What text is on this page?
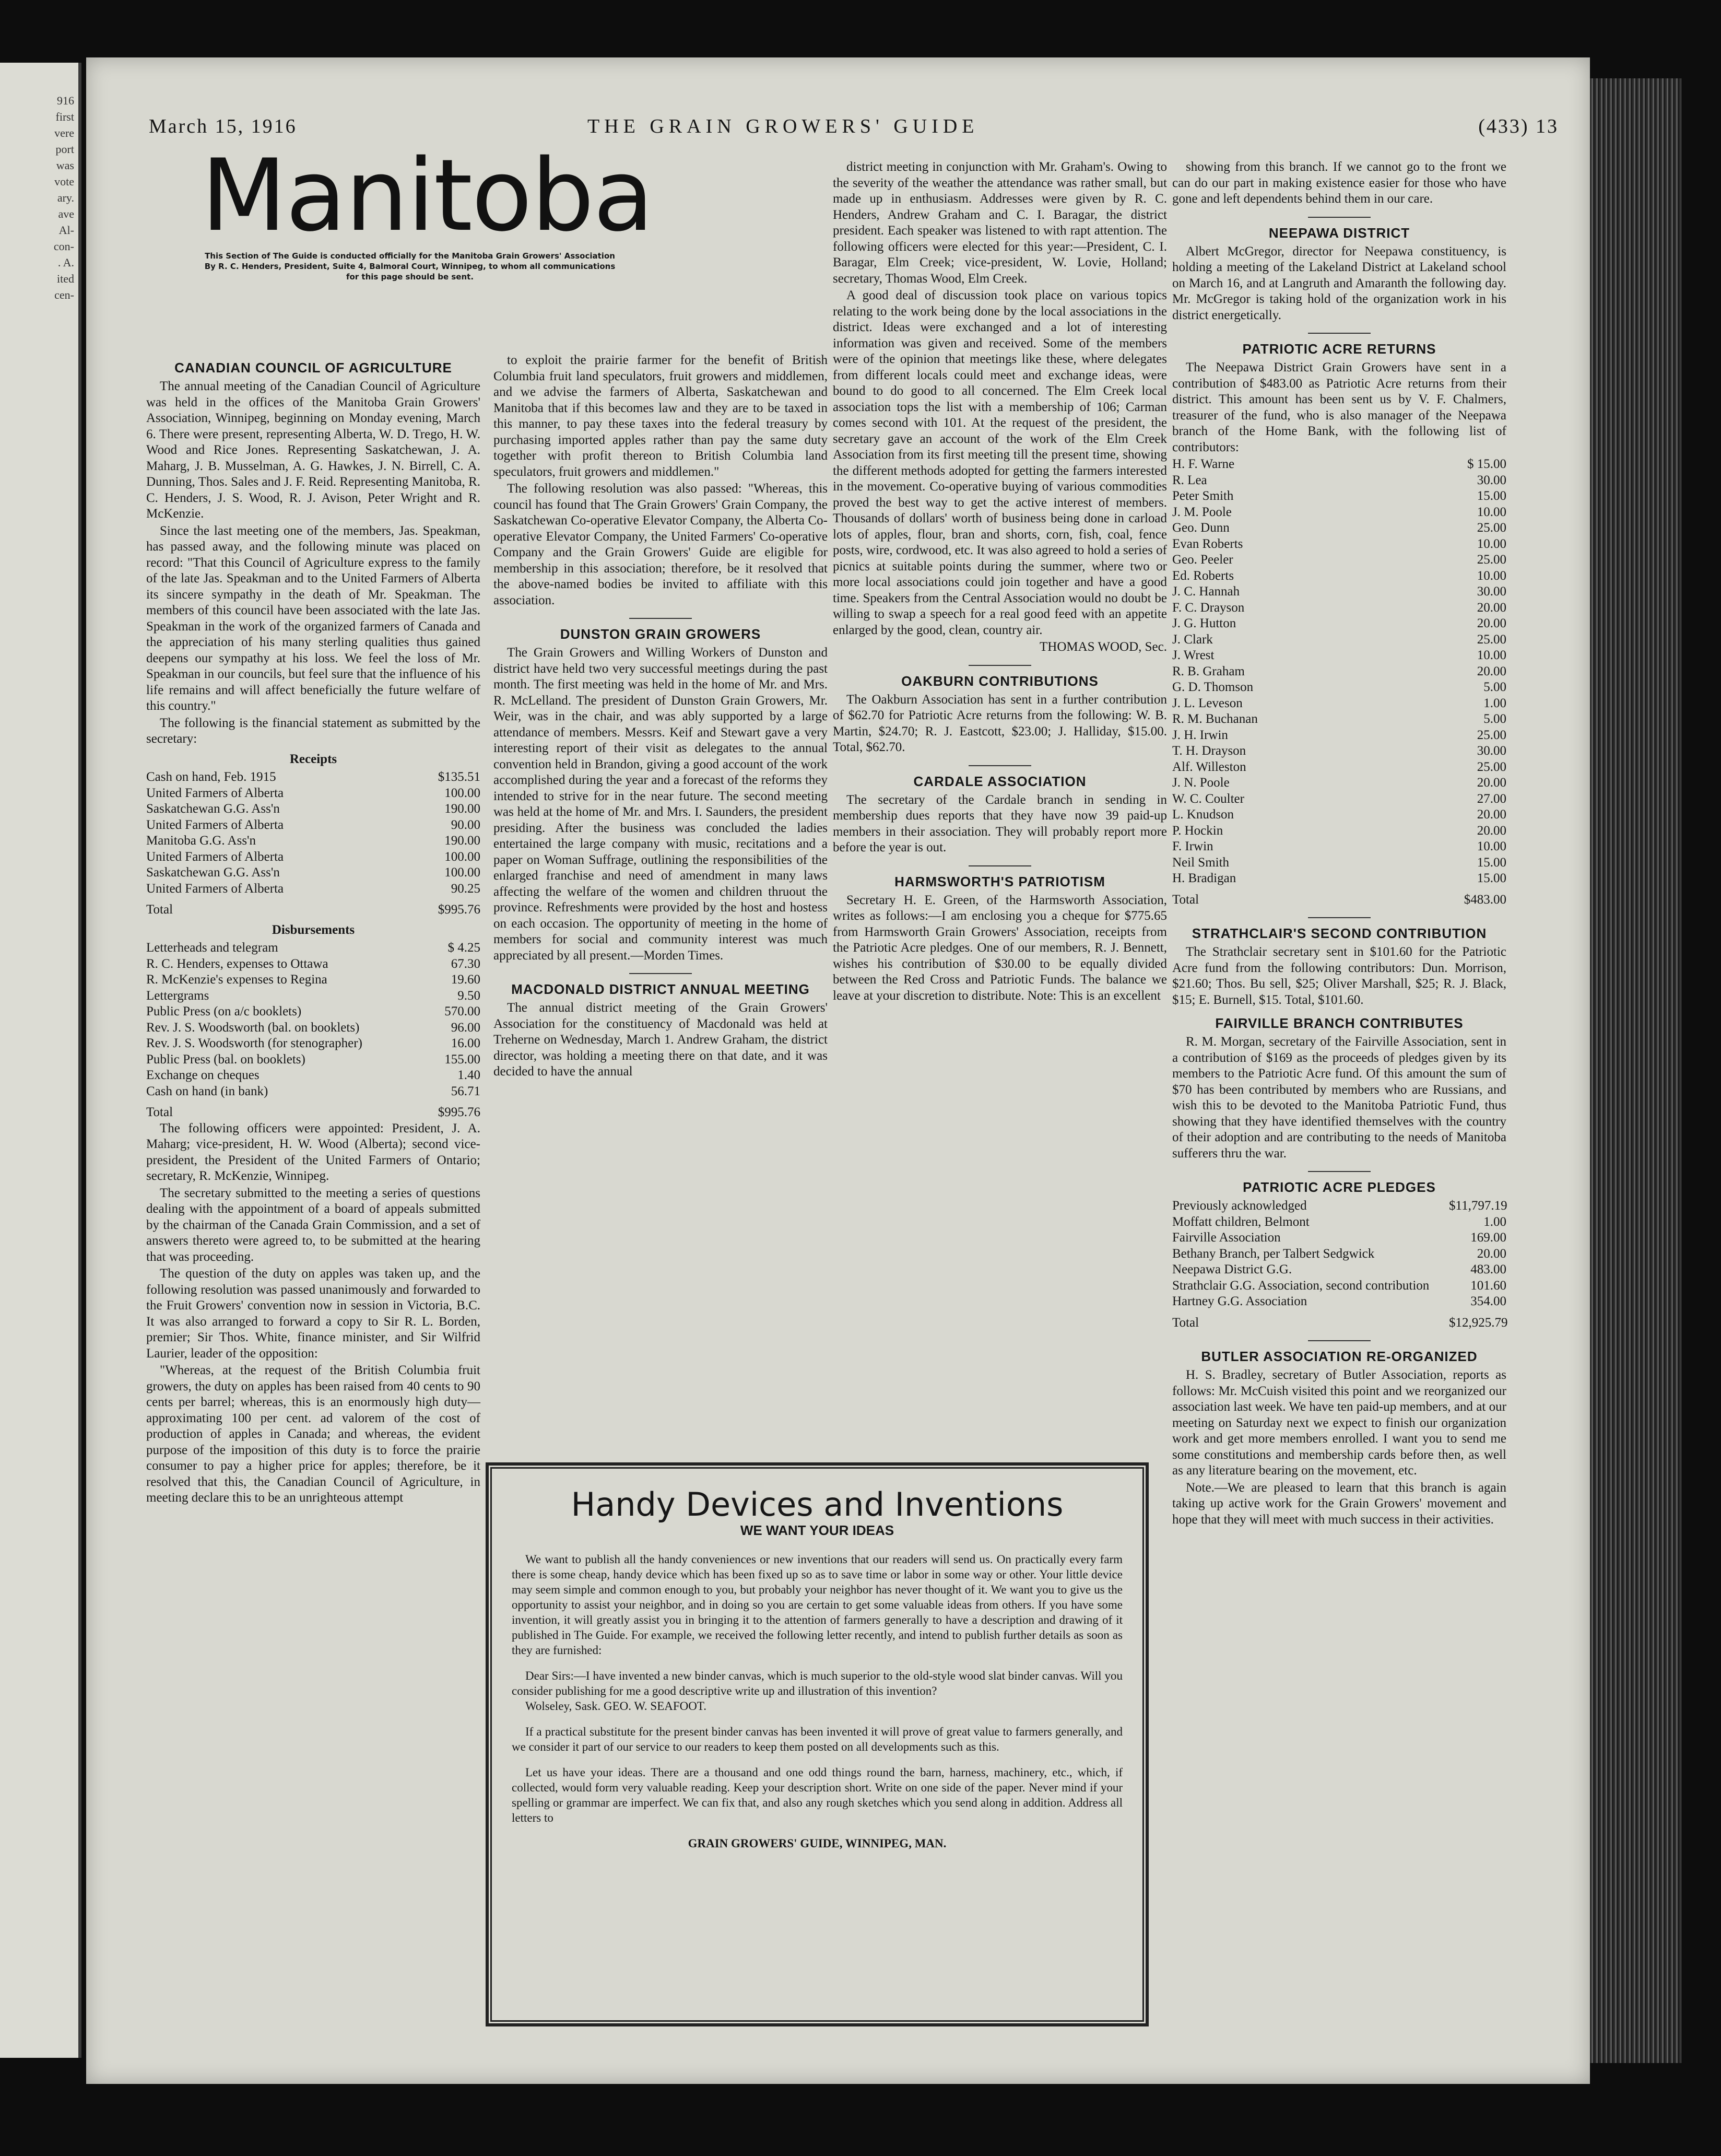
916
first
vere
port
was
vote
ary.
ave
Al-
con-
. A.
ited
cen-
March 15, 1916	THE GRAIN GROWERS' GUIDE	(433) 13
Manitoba
This Section of The Guide is conducted officially for the Manitoba Grain Growers' Association By R. C. Henders, President, Suite 4, Balmoral Court, Winnipeg, to whom all communications for this page should be sent.
CANADIAN COUNCIL OF AGRICULTURE

The annual meeting of the Canadian Council of Agriculture was held in the offices of the Manitoba Grain Growers' Association, Winnipeg, beginning on Monday evening, March 6. There were present, representing Alberta, W. D. Trego, H. W. Wood and Rice Jones. Representing Saskatchewan, J. A. Maharg, J. B. Musselman, A. G. Hawkes, J. N. Birrell, C. A. Dunning, Thos. Sales and J. F. Reid. Representing Manitoba, R. C. Henders, J. S. Wood, R. J. Avison, Peter Wright and R. McKenzie.

Since the last meeting one of the members, Jas. Speakman, has passed away, and the following minute was placed on record: "That this Council of Agriculture express to the family of the late Jas. Speakman and to the United Farmers of Alberta its sincere sympathy in the death of Mr. Speakman. The members of this council have been associated with the late Jas. Speakman in the work of the organized farmers of Canada and the appreciation of his many sterling qualities thus gained deepens our sympathy at his loss. We feel the loss of Mr. Speakman in our councils, but feel sure that the influence of his life remains and will affect beneficially the future welfare of this country."

The following is the financial statement as submitted by the secretary:

Receipts
Cash on hand, Feb. 1915	$135.51
United Farmers of Alberta	100.00
Saskatchewan G.G. Ass'n	190.00
United Farmers of Alberta	90.00
Manitoba G.G. Ass'n	190.00
United Farmers of Alberta	100.00
Saskatchewan G.G. Ass'n	100.00
United Farmers of Alberta	90.25
Total	$995.76
Disbursements
Letterheads and telegram	$ 4.25
R. C. Henders, expenses to Ottawa	67.30
R. McKenzie's expenses to Regina	19.60
Lettergrams	9.50
Public Press (on a/c booklets)	570.00
Rev. J. S. Woodsworth (bal. on booklets)	96.00
Rev. J. S. Woodsworth (for stenographer)	16.00
Public Press (bal. on booklets)	155.00
Exchange on cheques	1.40
Cash on hand (in bank)	56.71
Total	$995.76

The following officers were appointed: President, J. A. Maharg; vice-president, H. W. Wood (Alberta); second vice-president, the President of the United Farmers of Ontario; secretary, R. McKenzie, Winnipeg.

The secretary submitted to the meeting a series of questions dealing with the appointment of a board of appeals submitted by the chairman of the Canada Grain Commission, and a set of answers thereto were agreed to, to be submitted at the hearing that was proceeding.

The question of the duty on apples was taken up, and the following resolution was passed unanimously and forwarded to the Fruit Growers' convention now in session in Victoria, B.C. It was also arranged to forward a copy to Sir R. L. Borden, premier; Sir Thos. White, finance minister, and Sir Wilfrid Laurier, leader of the opposition:

"Whereas, at the request of the British Columbia fruit growers, the duty on apples has been raised from 40 cents to 90 cents per barrel; whereas, this is an enormously high duty—approximating 100 per cent. ad valorem of the cost of production of apples in Canada; and whereas, the evident purpose of the imposition of this duty is to force the prairie consumer to pay a higher price for apples; therefore, be it resolved that this, the Canadian Council of Agriculture, in meeting declare this to be an unrighteous attempt

to exploit the prairie farmer for the benefit of British Columbia fruit land speculators, fruit growers and middlemen, and we advise the farmers of Alberta, Saskatchewan and Manitoba that if this becomes law and they are to be taxed in this manner, to pay these taxes into the federal treasury by purchasing imported apples rather than pay the same duty together with profit thereon to British Columbia land speculators, fruit growers and middlemen."

The following resolution was also passed: "Whereas, this council has found that The Grain Growers' Grain Company, the Saskatchewan Co-operative Elevator Company, the Alberta Co-operative Elevator Company, the United Farmers' Co-operative Company and the Grain Growers' Guide are eligible for membership in this association; therefore, be it resolved that the above-named bodies be invited to affiliate with this association.

DUNSTON GRAIN GROWERS

The Grain Growers and Willing Workers of Dunston and district have held two very successful meetings during the past month. The first meeting was held in the home of Mr. and Mrs. R. McLelland. The president of Dunston Grain Growers, Mr. Weir, was in the chair, and was ably supported by a large attendance of members. Messrs. Keif and Stewart gave a very interesting report of their visit as delegates to the annual convention held in Brandon, giving a good account of the work accomplished during the year and a forecast of the reforms they intended to strive for in the near future. The second meeting was held at the home of Mr. and Mrs. I. Saunders, the president presiding. After the business was concluded the ladies entertained the large company with music, recitations and a paper on Woman Suffrage, outlining the responsibilities of the enlarged franchise and need of amendment in many laws affecting the welfare of the women and children thruout the province. Refreshments were provided by the host and hostess on each occasion. The opportunity of meeting in the home of members for social and community interest was much appreciated by all present.—Morden Times.

MACDONALD DISTRICT ANNUAL MEETING

The annual district meeting of the Grain Growers' Association for the constituency of Macdonald was held at Treherne on Wednesday, March 1. Andrew Graham, the district director, was holding a meeting there on that date, and it was decided to have the annual

district meeting in conjunction with Mr. Graham's. Owing to the severity of the weather the attendance was rather small, but made up in enthusiasm. Addresses were given by R. C. Henders, Andrew Graham and C. I. Baragar, the district president. Each speaker was listened to with rapt attention. The following officers were elected for this year:—President, C. I. Baragar, Elm Creek; vice-president, W. Lovie, Holland; secretary, Thomas Wood, Elm Creek.

A good deal of discussion took place on various topics relating to the work being done by the local associations in the district. Ideas were exchanged and a lot of interesting information was given and received. Some of the members were of the opinion that meetings like these, where delegates from different locals could meet and exchange ideas, were bound to do good to all concerned. The Elm Creek local association tops the list with a membership of 106; Carman comes second with 101. At the request of the president, the secretary gave an account of the work of the Elm Creek Association from its first meeting till the present time, showing the different methods adopted for getting the farmers interested in the movement. Co-operative buying of various commodities proved the best way to get the active interest of members. Thousands of dollars' worth of business being done in carload lots of apples, flour, bran and shorts, corn, fish, coal, fence posts, wire, cordwood, etc. It was also agreed to hold a series of picnics at suitable points during the summer, where two or more local associations could join together and have a good time. Speakers from the Central Association would no doubt be willing to swap a speech for a real good feed with an appetite enlarged by the good, clean, country air.

THOMAS WOOD, Sec.
OAKBURN CONTRIBUTIONS

The Oakburn Association has sent in a further contribution of $62.70 for Patriotic Acre returns from the following: W. B. Martin, $24.70; R. J. Eastcott, $23.00; J. Halliday, $15.00. Total, $62.70.

CARDALE ASSOCIATION

The secretary of the Cardale branch in sending in membership dues reports that they have now 39 paid-up members in their association. They will probably report more before the year is out.

HARMSWORTH'S PATRIOTISM

Secretary H. E. Green, of the Harmsworth Association, writes as follows:—I am enclosing you a cheque for $775.65 from Harmsworth Grain Growers' Association, receipts from the Patriotic Acre pledges. One of our members, R. J. Bennett, wishes his contribution of $30.00 to be equally divided between the Red Cross and Patriotic Funds. The balance we leave at your discretion to distribute. Note: This is an excellent

showing from this branch. If we cannot go to the front we can do our part in making existence easier for those who have gone and left dependents behind them in our care.

NEEPAWA DISTRICT

Albert McGregor, director for Neepawa constituency, is holding a meeting of the Lakeland District at Lakeland school on March 16, and at Langruth and Amaranth the following day. Mr. McGregor is taking hold of the organization work in his district energetically.

PATRIOTIC ACRE RETURNS

The Neepawa District Grain Growers have sent in a contribution of $483.00 as Patriotic Acre returns from their district. This amount has been sent us by V. F. Chalmers, treasurer of the fund, who is also manager of the Neepawa branch of the Home Bank, with the following list of contributors:

H. F. Warne	$ 15.00
R. Lea	30.00
Peter Smith	15.00
J. M. Poole	10.00
Geo. Dunn	25.00
Evan Roberts	10.00
Geo. Peeler	25.00
Ed. Roberts	10.00
J. C. Hannah	30.00
F. C. Drayson	20.00
J. G. Hutton	20.00
J. Clark	25.00
J. Wrest	10.00
R. B. Graham	20.00
G. D. Thomson	5.00
J. L. Leveson	1.00
R. M. Buchanan	5.00
J. H. Irwin	25.00
T. H. Drayson	30.00
Alf. Willeston	25.00
J. N. Poole	20.00
W. C. Coulter	27.00
L. Knudson	20.00
P. Hockin	20.00
F. Irwin	10.00
Neil Smith	15.00
H. Bradigan	15.00
Total	$483.00
STRATHCLAIR'S SECOND CONTRIBUTION

The Strathclair secretary sent in $101.60 for the Patriotic Acre fund from the following contributors: Dun. Morrison, $21.60; Thos. Bu sell, $25; Oliver Marshall, $25; R. J. Black, $15; E. Burnell, $15. Total, $101.60.

FAIRVILLE BRANCH CONTRIBUTES

R. M. Morgan, secretary of the Fairville Association, sent in a contribution of $169 as the proceeds of pledges given by its members to the Patriotic Acre fund. Of this amount the sum of $70 has been contributed by members who are Russians, and wish this to be devoted to the Manitoba Patriotic Fund, thus showing that they have identified themselves with the country of their adoption and are contributing to the needs of Manitoba sufferers thru the war.

PATRIOTIC ACRE PLEDGES
Previously acknowledged	$11,797.19
Moffatt children, Belmont	1.00
Fairville Association	169.00
Bethany Branch, per Talbert Sedgwick	20.00
Neepawa District G.G.	483.00
Strathclair G.G. Association, second contribution	101.60
Hartney G.G. Association	354.00
Total	$12,925.79
BUTLER ASSOCIATION RE-ORGANIZED

H. S. Bradley, secretary of Butler Association, reports as follows: Mr. McCuish visited this point and we reorganized our association last week. We have ten paid-up members, and at our meeting on Saturday next we expect to finish our organization work and get more members enrolled. I want you to send me some constitutions and membership cards before then, as well as any literature bearing on the movement, etc.

Note.—We are pleased to learn that this branch is again taking up active work for the Grain Growers' movement and hope that they will meet with much success in their activities.

Handy Devices and Inventions
WE WANT YOUR IDEAS

We want to publish all the handy conveniences or new inventions that our readers will send us. On practically every farm there is some cheap, handy device which has been fixed up so as to save time or labor in some way or other. Your little device may seem simple and common enough to you, but probably your neighbor has never thought of it. We want you to give us the opportunity to assist your neighbor, and in doing so you are certain to get some valuable ideas from others. If you have some invention, it will greatly assist you in bringing it to the attention of farmers generally to have a description and drawing of it published in The Guide. For example, we received the following letter recently, and intend to publish further details as soon as they are furnished:

Dear Sirs:—I have invented a new binder canvas, which is much superior to the old-style wood slat binder canvas. Will you consider publishing for me a good descriptive write up and illustration of this invention?

Wolseley, Sask. GEO. W. SEAFOOT.

If a practical substitute for the present binder canvas has been invented it will prove of great value to farmers generally, and we consider it part of our service to our readers to keep them posted on all developments such as this.

Let us have your ideas. There are a thousand and one odd things round the barn, harness, machinery, etc., which, if collected, would form very valuable reading. Keep your description short. Write on one side of the paper. Never mind if your spelling or grammar are imperfect. We can fix that, and also any rough sketches which you send along in addition. Address all letters to

GRAIN GROWERS' GUIDE, WINNIPEG, MAN.
